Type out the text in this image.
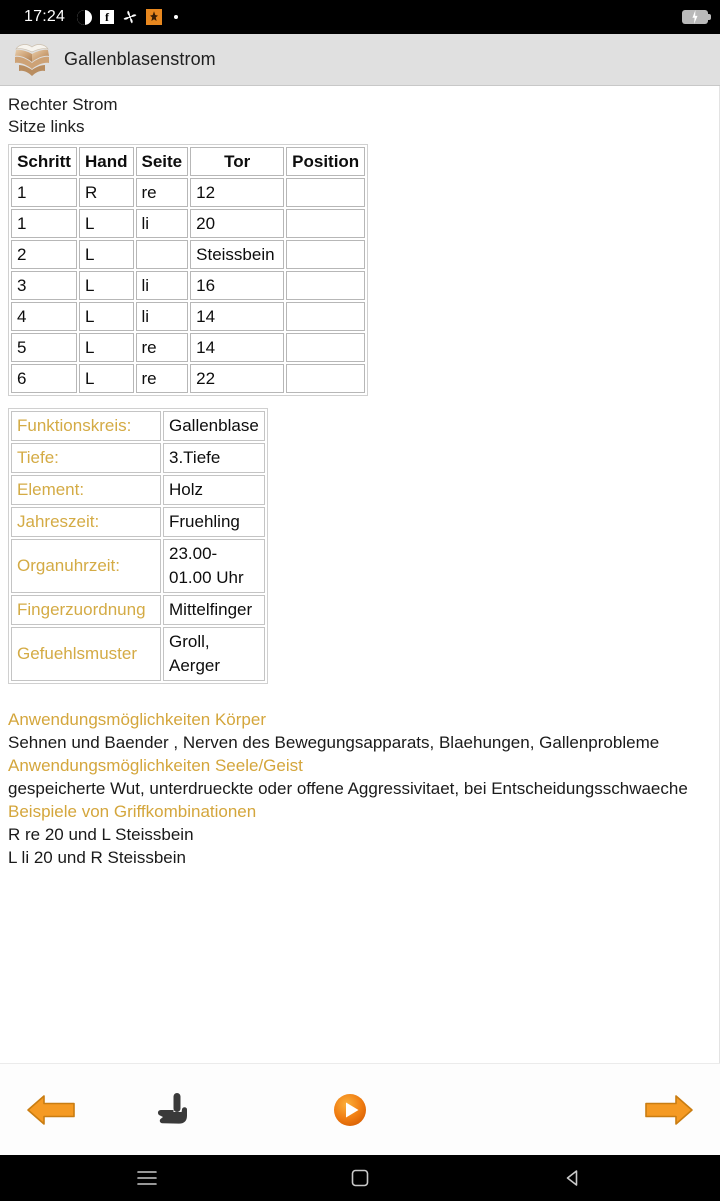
17:24	f
Gallenblasenstrom
Rechter Strom
Sitze links
Schritt	Hand	Seite	Tor	Position
1	R	re	12	
1	L	li	20	
2	L		Steissbein	
3	L	li	16	
4	L	li	14	
5	L	re	14	
6	L	re	22	
Funktionskreis:	Gallenblase
Tiefe:	3.Tiefe
Element:	Holz
Jahreszeit:	Fruehling
Organuhrzeit:	23.00-01.00 Uhr
Fingerzuordnung	Mittelfinger
Gefuehlsmuster	Groll, Aerger
Anwendungsmöglichkeiten Körper
Sehnen und Baender , Nerven des Bewegungsapparats, Blaehungen, Gallenprobleme
Anwendungsmöglichkeiten Seele/Geist
gespeicherte Wut, unterdrueckte oder offene Aggressivitaet, bei Entscheidungsschwaeche
Beispiele von Griffkombinationen
R re 20 und L Steissbein
L li 20 und R Steissbein
